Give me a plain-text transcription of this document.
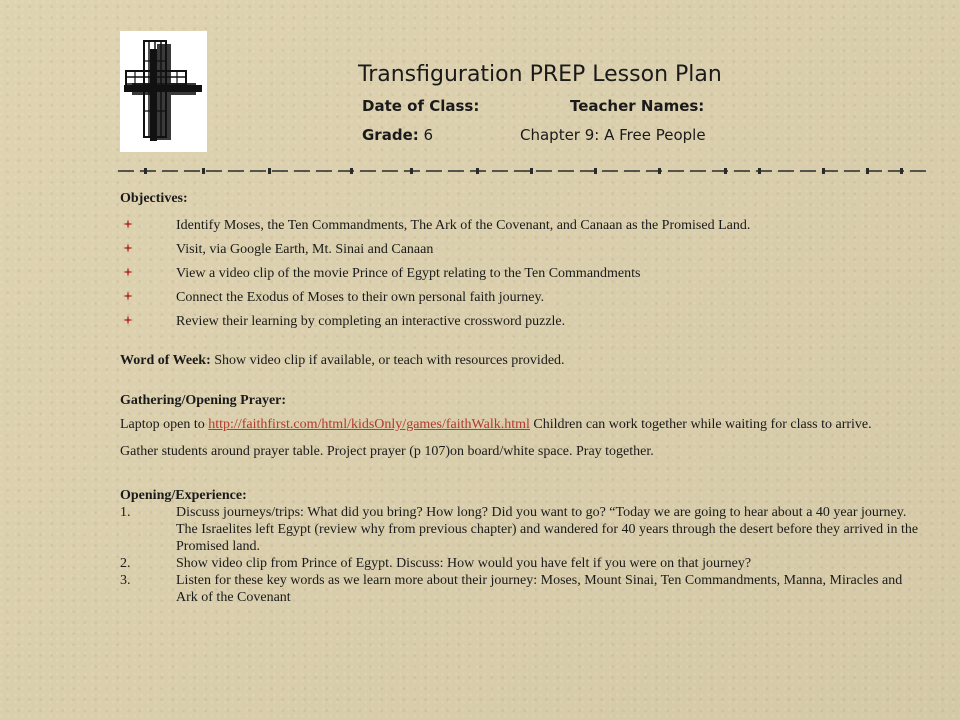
Transfiguration PREP Lesson Plan
Date of Class:	Teacher Names:
Grade: 6	Chapter 9: A Free People
Objectives:
Identify Moses, the Ten Commandments, The Ark of the Covenant, and Canaan as the Promised Land.
Visit, via Google Earth, Mt. Sinai and Canaan
View a video clip of the movie Prince of Egypt relating to the Ten Commandments
Connect the Exodus of Moses to their own personal faith journey.
Review their learning by completing an interactive crossword puzzle.

Word of Week: Show video clip if available, or teach with resources provided.

Gathering/Opening Prayer:

Laptop open to http://faithfirst.com/html/kidsOnly/games/faithWalk.html Children can work together while waiting for class to arrive.

Gather students around prayer table. Project prayer (p 107)on board/white space. Pray together.

Opening/Experience:
1.	Discuss journeys/trips: What did you bring? How long? Did you want to go? “Today we are going to hear about a 40 year journey. The Israelites left Egypt (review why from previous chapter) and wandered for 40 years through the desert before they arrived in the Promised land.
2.	Show video clip from Prince of Egypt. Discuss: How would you have felt if you were on that journey?
3.	Listen for these key words as we learn more about their journey: Moses, Mount Sinai, Ten Commandments, Manna, Miracles and Ark of the Covenant
